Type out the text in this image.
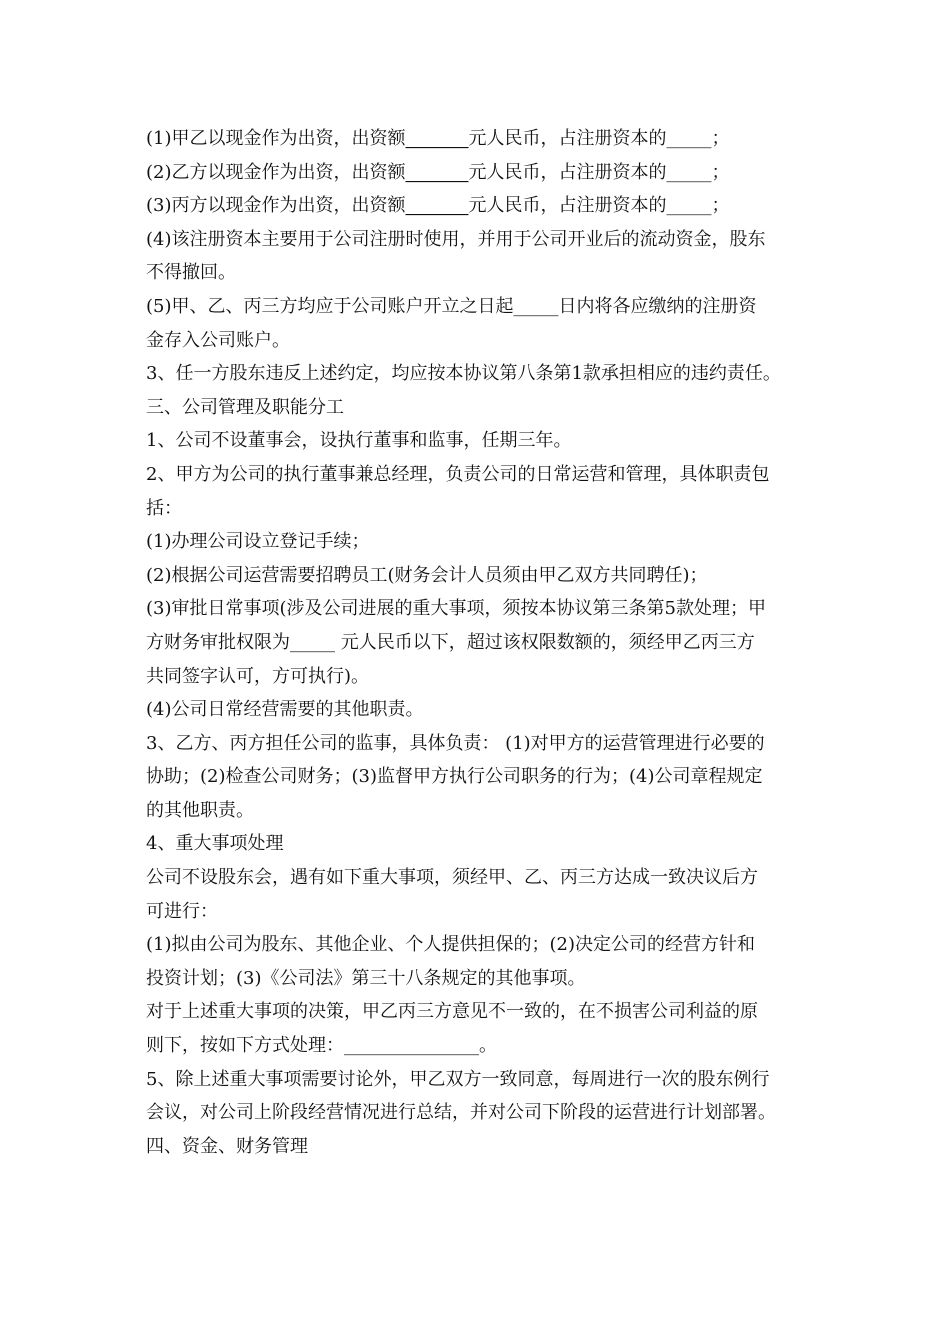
(1)甲乙以现金作为出资，出资额_______元人民币，占注册资本的_____；
(2)乙方以现金作为出资，出资额_______元人民币，占注册资本的_____；
(3)丙方以现金作为出资，出资额_______元人民币，占注册资本的_____；
(4)该注册资本主要用于公司注册时使用，并用于公司开业后的流动资金，股东
不得撤回。
(5)甲、乙、丙三方均应于公司账户开立之日起_____日内将各应缴纳的注册资
金存入公司账户。
3、任一方股东违反上述约定，均应按本协议第八条第1款承担相应的违约责任。
三、公司管理及职能分工
1、公司不设董事会，设执行董事和监事，任期三年。
2、甲方为公司的执行董事兼总经理，负责公司的日常运营和管理，具体职责包
括：
(1)办理公司设立登记手续；
(2)根据公司运营需要招聘员工(财务会计人员须由甲乙双方共同聘任)；
(3)审批日常事项(涉及公司进展的重大事项，须按本协议第三条第5款处理；甲
方财务审批权限为_____ 元人民币以下，超过该权限数额的，须经甲乙丙三方
共同签字认可，方可执行)。
(4)公司日常经营需要的其他职责。
3、乙方、丙方担任公司的监事，具体负责： (1)对甲方的运营管理进行必要的
协助；(2)检查公司财务；(3)监督甲方执行公司职务的行为；(4)公司章程规定
的其他职责。
4、重大事项处理
公司不设股东会，遇有如下重大事项，须经甲、乙、丙三方达成一致决议后方
可进行：
(1)拟由公司为股东、其他企业、个人提供担保的；(2)决定公司的经营方针和
投资计划；(3)《公司法》第三十八条规定的其他事项。
对于上述重大事项的决策，甲乙丙三方意见不一致的，在不损害公司利益的原
则下，按如下方式处理：_______________。
5、除上述重大事项需要讨论外，甲乙双方一致同意，每周进行一次的股东例行
会议，对公司上阶段经营情况进行总结，并对公司下阶段的运营进行计划部署。
四、资金、财务管理
